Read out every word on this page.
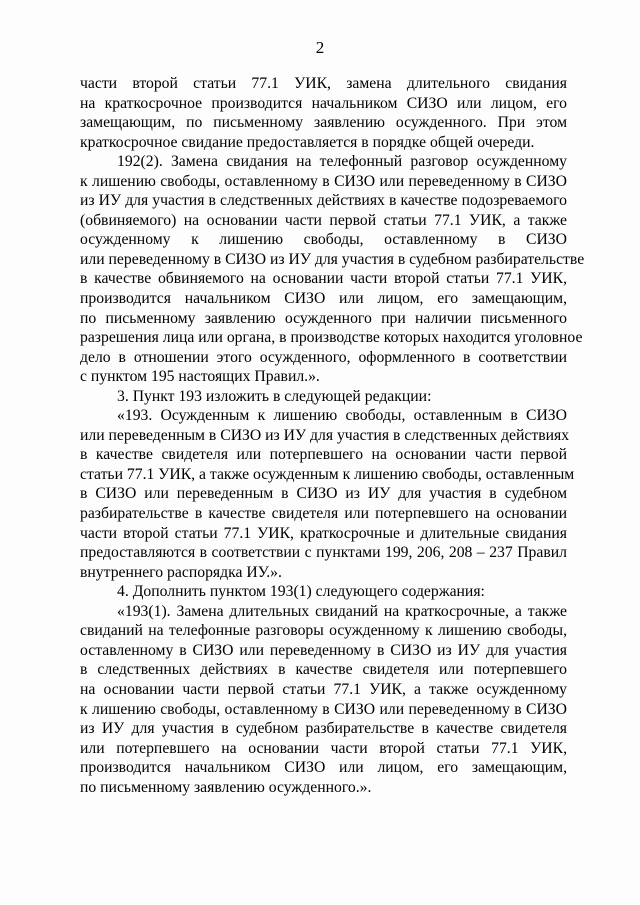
2
части второй статьи 77.1 УИК, замена длительного свидания
на краткосрочное производится начальником СИЗО или лицом, его
замещающим, по письменному заявлению осужденного. При этом
краткосрочное свидание предоставляется в порядке общей очереди.
192(2). Замена свидания на телефонный разговор осужденному
к лишению свободы, оставленному в СИЗО или переведенному в СИЗО
из ИУ для участия в следственных действиях в качестве подозреваемого
(обвиняемого) на основании части первой статьи 77.1 УИК, а также
осужденному к лишению свободы, оставленному в СИЗО
или переведенному в СИЗО из ИУ для участия в судебном разбирательстве
в качестве обвиняемого на основании части второй статьи 77.1 УИК,
производится начальником СИЗО или лицом, его замещающим,
по письменному заявлению осужденного при наличии письменного
разрешения лица или органа, в производстве которых находится уголовное
дело в отношении этого осужденного, оформленного в соответствии
с пунктом 195 настоящих Правил.».
3. Пункт 193 изложить в следующей редакции:
«193. Осужденным к лишению свободы, оставленным в СИЗО
или переведенным в СИЗО из ИУ для участия в следственных действиях
в качестве свидетеля или потерпевшего на основании части первой
статьи 77.1 УИК, а также осужденным к лишению свободы, оставленным
в СИЗО или переведенным в СИЗО из ИУ для участия в судебном
разбирательстве в качестве свидетеля или потерпевшего на основании
части второй статьи 77.1 УИК, краткосрочные и длительные свидания
предоставляются в соответствии с пунктами 199, 206, 208 – 237 Правил
внутреннего распорядка ИУ.».
4. Дополнить пунктом 193(1) следующего содержания:
«193(1). Замена длительных свиданий на краткосрочные, а также
свиданий на телефонные разговоры осужденному к лишению свободы,
оставленному в СИЗО или переведенному в СИЗО из ИУ для участия
в следственных действиях в качестве свидетеля или потерпевшего
на основании части первой статьи 77.1 УИК, а также осужденному
к лишению свободы, оставленному в СИЗО или переведенному в СИЗО
из ИУ для участия в судебном разбирательстве в качестве свидетеля
или потерпевшего на основании части второй статьи 77.1 УИК,
производится начальником СИЗО или лицом, его замещающим,
по письменному заявлению осужденного.».
